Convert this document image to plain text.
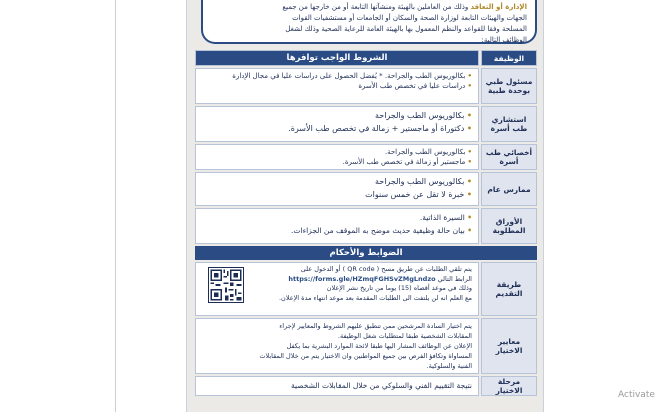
الإدارة أو التعاقد وذلك من العاملين بالهيئة ومنشآتها التابعة أو من خارجها من جميع
الجهات والهيئات التابعة لوزارة الصحة والسكان أو الجامعات أو مستشفيات القوات
المسلحة وفقا للقواعد والنظم المعمول بها بالهيئة العامة للرعاية الصحية وذلك لشغل
الوظائف التالية:
الوظيفة
الشروط الواجب توافرها
مسئول طبي بوحدة طبية
• بكالوريوس الطب والجراحة. * يُفضل الحصول على دراسات عليا في مجال الإدارة
• دراسات عليا في تخصص طب الأسرة
استشاري طب أسرة
• بكالوريوس الطب والجراحة
• دكتوراة أو ماجستير + زمالة في تخصص طب الأسرة.
أخصائي طب أسرة
• بكالوريوس الطب والجراحة.
• ماجستير أو زمالة في تخصص طب الأسرة.
ممارس عام
• بكالوريوس الطب والجراحة
• خبرة لا تقل عن خمس سنوات
الأوراق المطلوبة
• السيرة الذاتية.
• بيان حالة وظيفية حديث موضح به الموقف من الجزاءات.
الضوابط والأحكام
طريقة التقديم
يتم تلقي الطلبات عن طريق مسح ( QR code ) أو الدخول على
الرابط التالي https://forms.gle/HZmqFGHSvZMgLndzo
وذلك في موعد أقصاه (15) يوما من تاريخ نشر الإعلان
مع العلم انه لن يلتفت الى الطلبات المقدمة بعد موعد انتهاء مدة الإعلان.
معايير الاختيار
يتم اختيار السادة المرشحين ممن تنطبق عليهم الشروط والمعايير لإجراء
المقابلات الشخصية طبقا لمتطلبات شغل الوظيفة.
الإعلان عن الوظائف المشار اليها طبقا لائحة الموارد البشرية بما يكفل
المساواة وتكافؤ الفرص بين جميع المواطنين وان الاختيار يتم من خلال المقابلات
الفنية والسلوكية.
مرحلة الاختيار
نتيجة التقييم الفني والسلوكي من خلال المقابلات الشخصية
Activate
